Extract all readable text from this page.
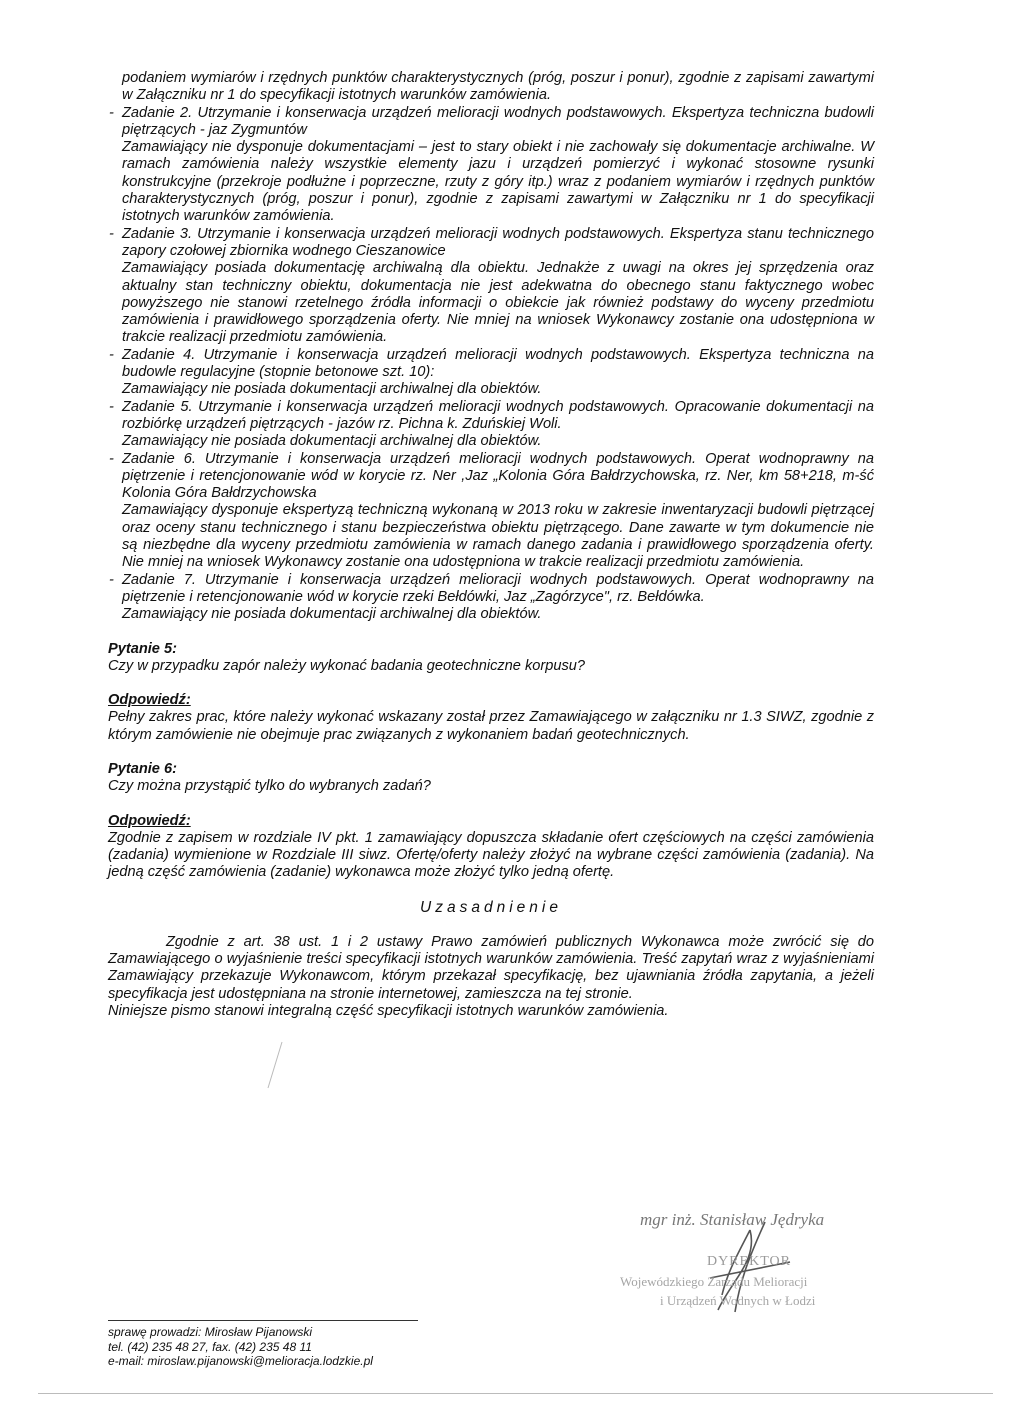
podaniem wymiarów i rzędnych punktów charakterystycznych (próg, poszur i ponur), zgodnie z zapisami zawartymi w Załączniku nr 1 do specyfikacji istotnych warunków zamówienia.

- Zadanie 2. Utrzymanie i konserwacja urządzeń melioracji wodnych podstawowych. Ekspertyza techniczna budowli piętrzących - jaz Zygmuntów

Zamawiający nie dysponuje dokumentacjami – jest to stary obiekt i nie zachowały się dokumentacje archiwalne. W ramach zamówienia należy wszystkie elementy jazu i urządzeń pomierzyć i wykonać stosowne rysunki konstrukcyjne (przekroje podłużne i poprzeczne, rzuty z góry itp.) wraz z podaniem wymiarów i rzędnych punktów charakterystycznych (próg, poszur i ponur), zgodnie z zapisami zawartymi w Załączniku nr 1 do specyfikacji istotnych warunków zamówienia.

- Zadanie 3. Utrzymanie i konserwacja urządzeń melioracji wodnych podstawowych. Ekspertyza stanu technicznego zapory czołowej zbiornika wodnego Cieszanowice

Zamawiający posiada dokumentację archiwalną dla obiektu. Jednakże z uwagi na okres jej sprzędzenia oraz aktualny stan techniczny obiektu, dokumentacja nie jest adekwatna do obecnego stanu faktycznego wobec powyższego nie stanowi rzetelnego źródła informacji o obiekcie jak również podstawy do wyceny przedmiotu zamówienia i prawidłowego sporządzenia oferty. Nie mniej na wniosek Wykonawcy zostanie ona udostępniona w trakcie realizacji przedmiotu zamówienia.

- Zadanie 4. Utrzymanie i konserwacja urządzeń melioracji wodnych podstawowych. Ekspertyza techniczna na budowle regulacyjne (stopnie betonowe szt. 10):

Zamawiający nie posiada dokumentacji archiwalnej dla obiektów.

- Zadanie 5. Utrzymanie i konserwacja urządzeń melioracji wodnych podstawowych. Opracowanie dokumentacji na rozbiórkę urządzeń piętrzących - jazów rz. Pichna k. Zduńskiej Woli.

Zamawiający nie posiada dokumentacji archiwalnej dla obiektów.

- Zadanie 6. Utrzymanie i konserwacja urządzeń melioracji wodnych podstawowych. Operat wodnoprawny na piętrzenie i retencjonowanie wód w korycie rz. Ner ,Jaz „Kolonia Góra Bałdrzychowska, rz. Ner, km 58+218, m-ść Kolonia Góra Bałdrzychowska

Zamawiający dysponuje ekspertyzą techniczną wykonaną w 2013 roku w zakresie inwentaryzacji budowli piętrzącej oraz oceny stanu technicznego i stanu bezpieczeństwa obiektu piętrzącego. Dane zawarte w tym dokumencie nie są niezbędne dla wyceny przedmiotu zamówienia w ramach danego zadania i prawidłowego sporządzenia oferty. Nie mniej na wniosek Wykonawcy zostanie ona udostępniona w trakcie realizacji przedmiotu zamówienia.

- Zadanie 7. Utrzymanie i konserwacja urządzeń melioracji wodnych podstawowych. Operat wodnoprawny na piętrzenie i retencjonowanie wód w korycie rzeki Bełdówki, Jaz „Zagórzyce", rz. Bełdówka.

Zamawiający nie posiada dokumentacji archiwalnej dla obiektów.

Pytanie 5:

Czy w przypadku zapór należy wykonać badania geotechniczne korpusu?

Odpowiedź:

Pełny zakres prac, które należy wykonać wskazany został przez Zamawiającego w załączniku nr 1.3 SIWZ, zgodnie z którym zamówienie nie obejmuje prac związanych z wykonaniem badań geotechnicznych.

Pytanie 6:

Czy można przystąpić tylko do wybranych zadań?

Odpowiedź:

Zgodnie z zapisem w rozdziale IV pkt. 1 zamawiający dopuszcza składanie ofert częściowych na części zamówienia (zadania) wymienione w Rozdziale III siwz. Ofertę/oferty należy złożyć na wybrane części zamówienia (zadania). Na jedną część zamówienia (zadanie) wykonawca może złożyć tylko jedną ofertę.

Uzasadnienie

Zgodnie z art. 38 ust. 1 i 2 ustawy Prawo zamówień publicznych Wykonawca może zwrócić się do Zamawiającego o wyjaśnienie treści specyfikacji istotnych warunków zamówienia. Treść zapytań wraz z wyjaśnieniami Zamawiający przekazuje Wykonawcom, którym przekazał specyfikację, bez ujawniania źródła zapytania, a jeżeli specyfikacja jest udostępniana na stronie internetowej, zamieszcza na tej stronie.

Niniejsze pismo stanowi integralną część specyfikacji istotnych warunków zamówienia.

mgr inż. Stanisław Jędryka
DYREKTOR
Wojewódzkiego Zarządu Melioracji
i Urządzeń Wodnych w Łodzi
sprawę prowadzi: Mirosław Pijanowski
tel. (42) 235 48 27, fax. (42) 235 48 11
e-mail: miroslaw.pijanowski@melioracja.lodzkie.pl
